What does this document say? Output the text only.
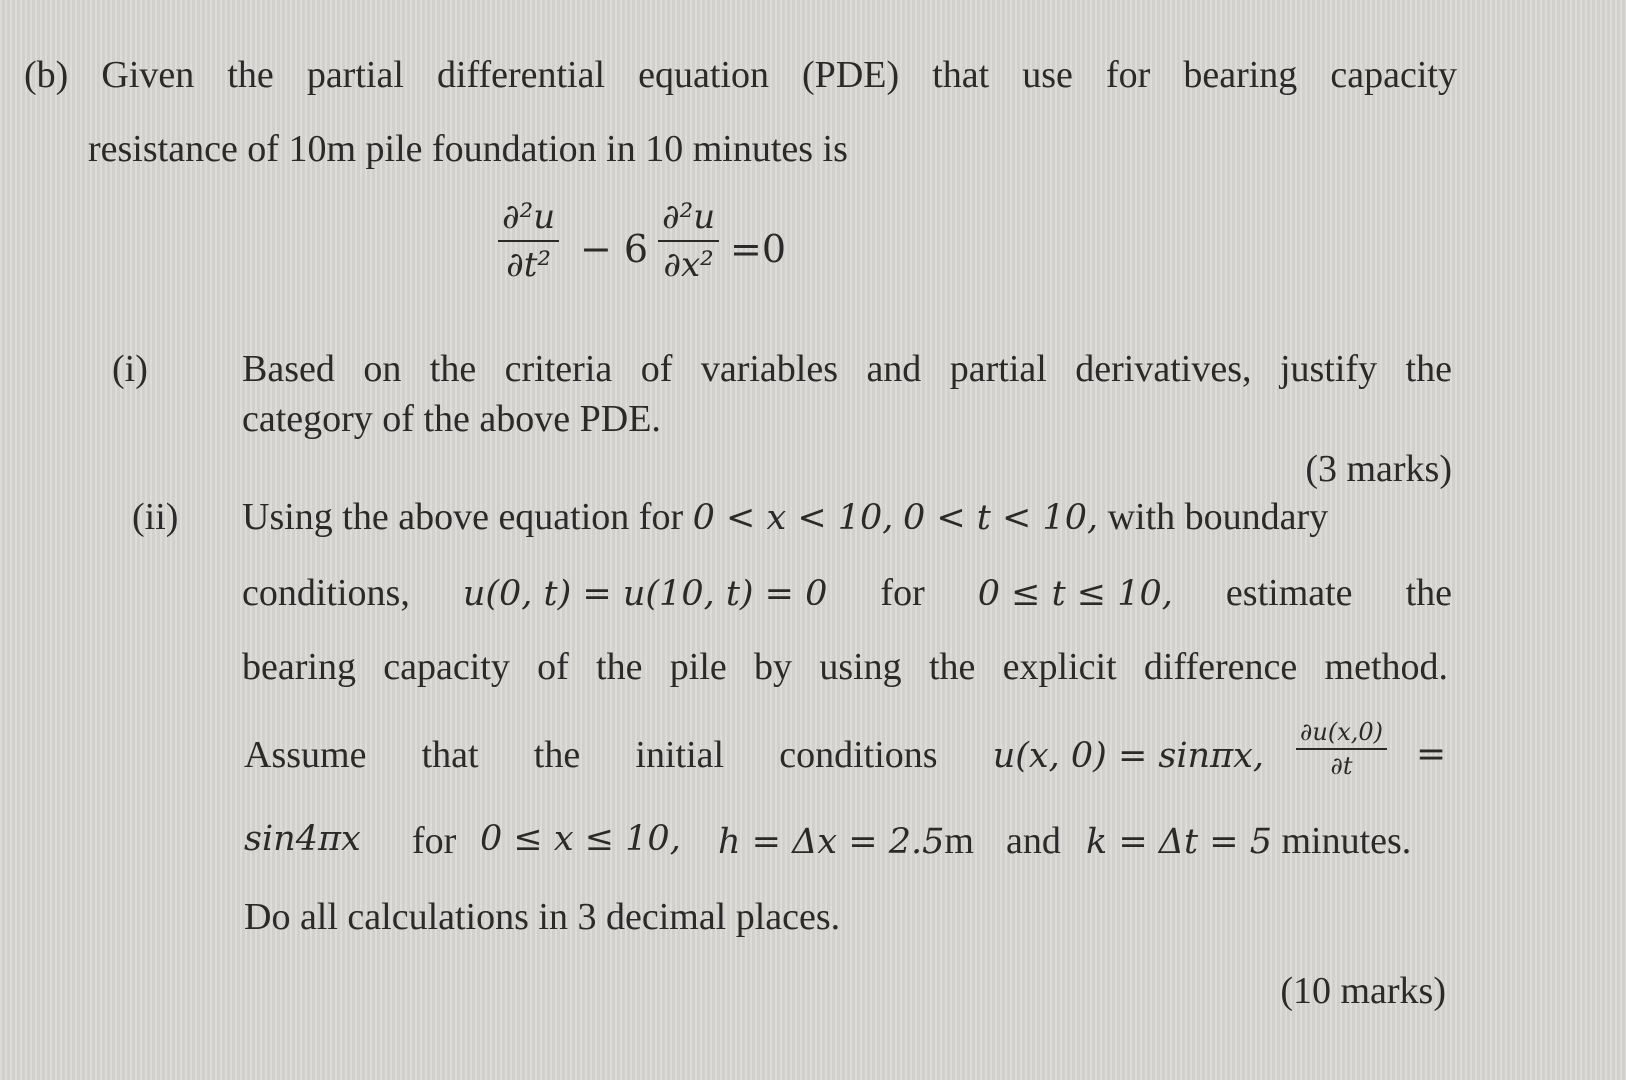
(b) Given the partial differential equation (PDE) that use for bearing capacity
resistance of 10m pile foundation in 10 minutes is
$\frac{\text{∂²u}}{\text{∂t²}} - 6 \frac{\text{∂²u}}{\text{∂x²}} =0$
(i) Based on the criteria of variables and partial derivatives, justify the
category of the above PDE.
(3 marks)
(ii) Using the above equation for 0 < x < 10, 0 < t < 10, with boundary
conditions, u(0, t) = u(10, t) = 0 for 0 ≤ t ≤ 10, estimate the
bearing capacity of the pile by using the explicit difference method.
Assume that the initial conditions u(x, 0) = sinπx, $\frac{\partial u(x,0)}{\partial t}$ =
sin4πx for 0 ≤ x ≤ 10, h = Δx = 2.5m and k = Δt = 5 minutes.
Do all calculations in 3 decimal places.
(10 marks)
